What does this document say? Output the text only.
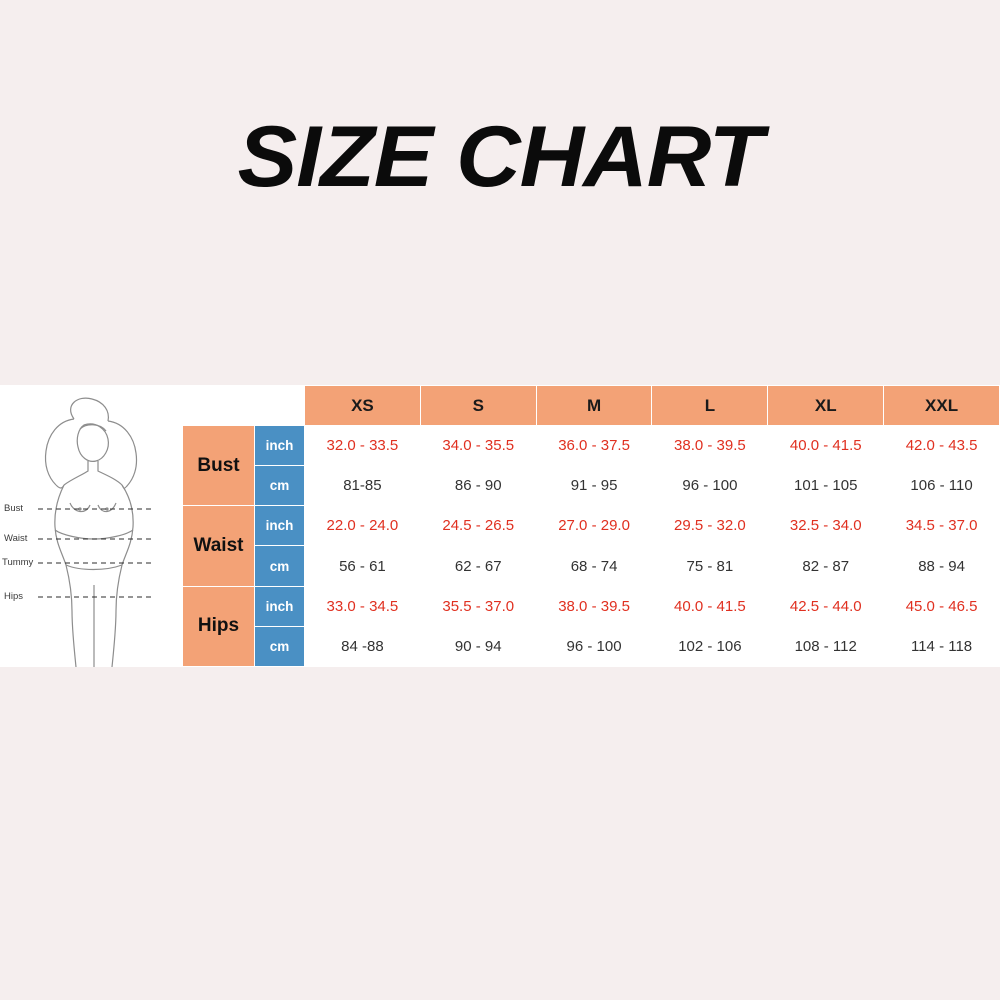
SIZE CHART
Bust
Waist
Tummy
Hips
		XS	S	M	L	XL	XXL
Bust	inch	32.0 - 33.5	34.0 - 35.5	36.0 - 37.5	38.0 - 39.5	40.0 - 41.5	42.0 - 43.5
	cm	81-85	86 - 90	91 - 95	96 - 100	101 - 105	106 - 110
Waist	inch	22.0 - 24.0	24.5 - 26.5	27.0 - 29.0	29.5 - 32.0	32.5 - 34.0	34.5 - 37.0
	cm	56 - 61	62 - 67	68 - 74	75 - 81	82 - 87	88 - 94
Hips	inch	33.0 - 34.5	35.5 - 37.0	38.0 - 39.5	40.0 - 41.5	42.5 - 44.0	45.0 - 46.5
	cm	84 -88	90 - 94	96 - 100	102 - 106	108 - 112	114 - 118
